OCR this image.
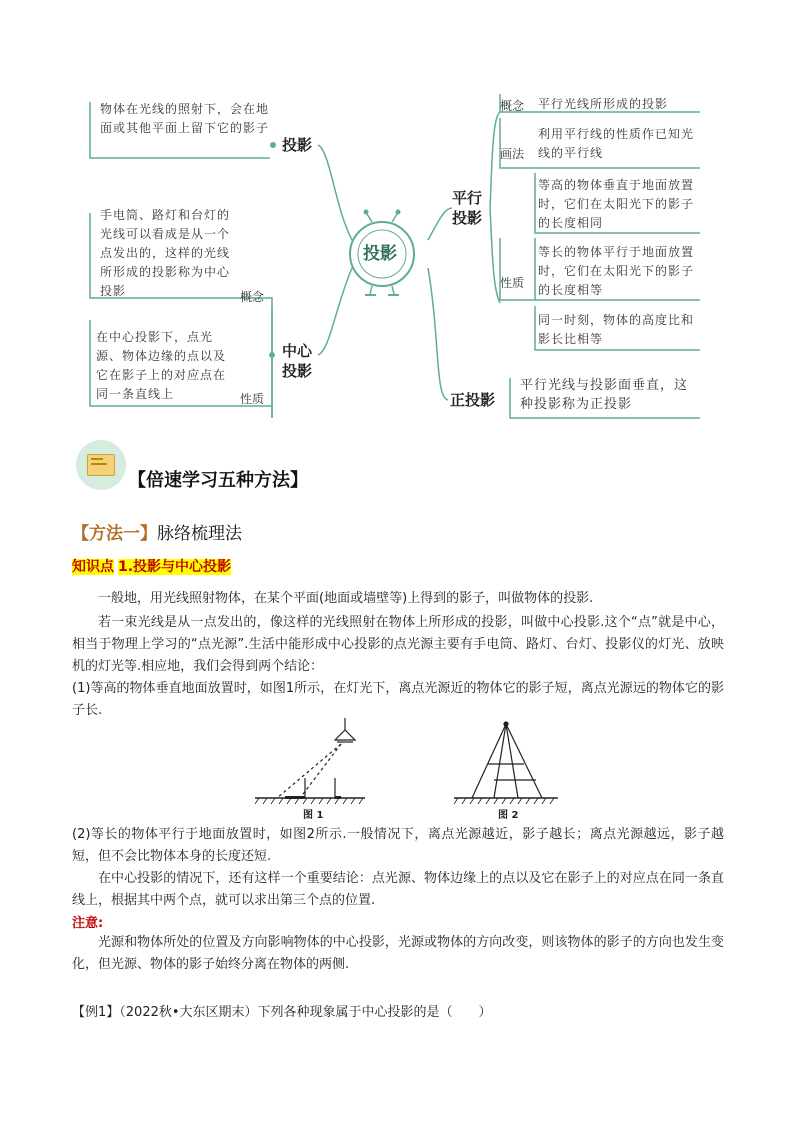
投影
物体在光线的照射下，会在地面或其他平面上留下它的影子
投影
手电筒、路灯和台灯的光线可以看成是从一个点发出的，这样的光线所形成的投影称为中心投影	概念
在中心投影下，点光源、物体边缘的点以及它在影子上的对应点在同一条直线上	性质
中心
投影
平行
投影
概念 平行光线所形成的投影
画法
利用平行线的性质作已知光线的平行线
性质
等高的物体垂直于地面放置时，它们在太阳光下的影子的长度相同
等长的物体平行于地面放置时，它们在太阳光下的影子的长度相等
同一时刻，物体的高度比和影长比相等
正投影
平行光线与投影面垂直，这种投影称为正投影
【倍速学习五种方法】
【方法一】脉络梳理法
知识点 1.投影与中心投影
一般地，用光线照射物体，在某个平面(地面或墙壁等)上得到的影子，叫做物体的投影.
若一束光线是从一点发出的，像这样的光线照射在物体上所形成的投影，叫做中心投影.这个“点”就是中心，相当于物理上学习的“点光源”.生活中能形成中心投影的点光源主要有手电筒、路灯、台灯、投影仪的灯光、放映机的灯光等.相应地，我们会得到两个结论：
(1)等高的物体垂直地面放置时，如图1所示，在灯光下，离点光源近的物体它的影子短，离点光源远的物体它的影子长.
图 1	图 2
(2)等长的物体平行于地面放置时，如图2所示.一般情况下，离点光源越近，影子越长；离点光源越远，影子越短，但不会比物体本身的长度还短.
在中心投影的情况下，还有这样一个重要结论：点光源、物体边缘上的点以及它在影子上的对应点在同一条直线上，根据其中两个点，就可以求出第三个点的位置.
注意:
光源和物体所处的位置及方向影响物体的中心投影，光源或物体的方向改变，则该物体的影子的方向也发生变化，但光源、物体的影子始终分离在物体的两侧.
【例1】（2022秋•大东区期末）下列各种现象属于中心投影的是（　　）
